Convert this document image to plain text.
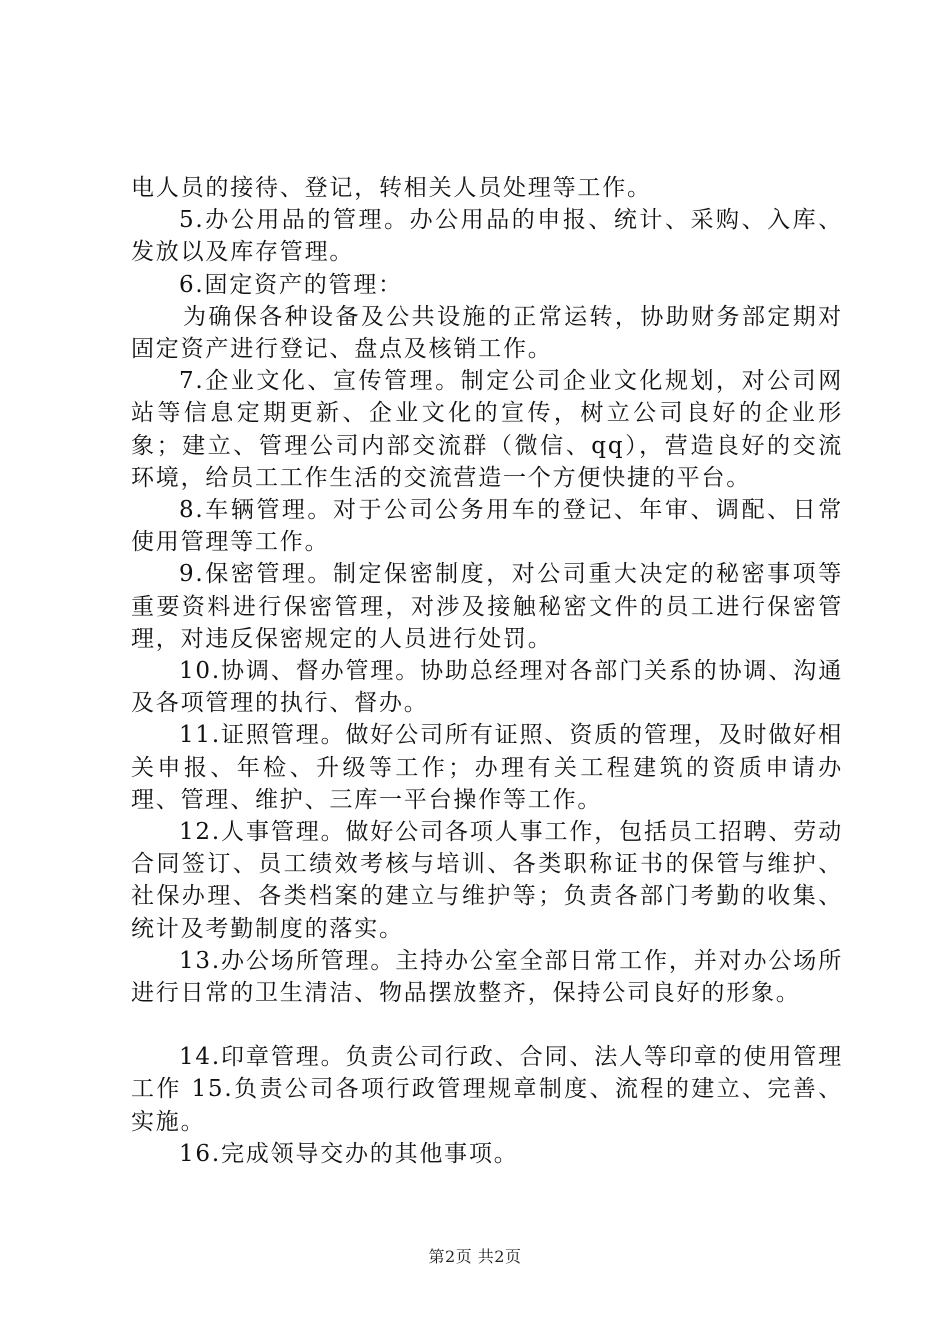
电人员的接待、登记，转相关人员处理等工作。

5.办公用品的管理。办公用品的申报、统计、采购、入库、发放以及库存管理。

6.固定资产的管理：

为确保各种设备及公共设施的正常运转，协助财务部定期对固定资产进行登记、盘点及核销工作。

7.企业文化、宣传管理。制定公司企业文化规划，对公司网站等信息定期更新、企业文化的宣传，树立公司良好的企业形象；建立、管理公司内部交流群（微信、qq），营造良好的交流环境，给员工工作生活的交流营造一个方便快捷的平台。

8.车辆管理。对于公司公务用车的登记、年审、调配、日常使用管理等工作。

9.保密管理。制定保密制度，对公司重大决定的秘密事项等重要资料进行保密管理，对涉及接触秘密文件的员工进行保密管理，对违反保密规定的人员进行处罚。

10.协调、督办管理。协助总经理对各部门关系的协调、沟通及各项管理的执行、督办。

11.证照管理。做好公司所有证照、资质的管理，及时做好相关申报、年检、升级等工作；办理有关工程建筑的资质申请办理、管理、维护、三库一平台操作等工作。

12.人事管理。做好公司各项人事工作，包括员工招聘、劳动合同签订、员工绩效考核与培训、各类职称证书的保管与维护、社保办理、各类档案的建立与维护等；负责各部门考勤的收集、统计及考勤制度的落实。

13.办公场所管理。主持办公室全部日常工作，并对办公场所进行日常的卫生清洁、物品摆放整齐，保持公司良好的形象。

14.印章管理。负责公司行政、合同、法人等印章的使用管理工作 15.负责公司各项行政管理规章制度、流程的建立、完善、实施。

16.完成领导交办的其他事项。

第2页 共2页
